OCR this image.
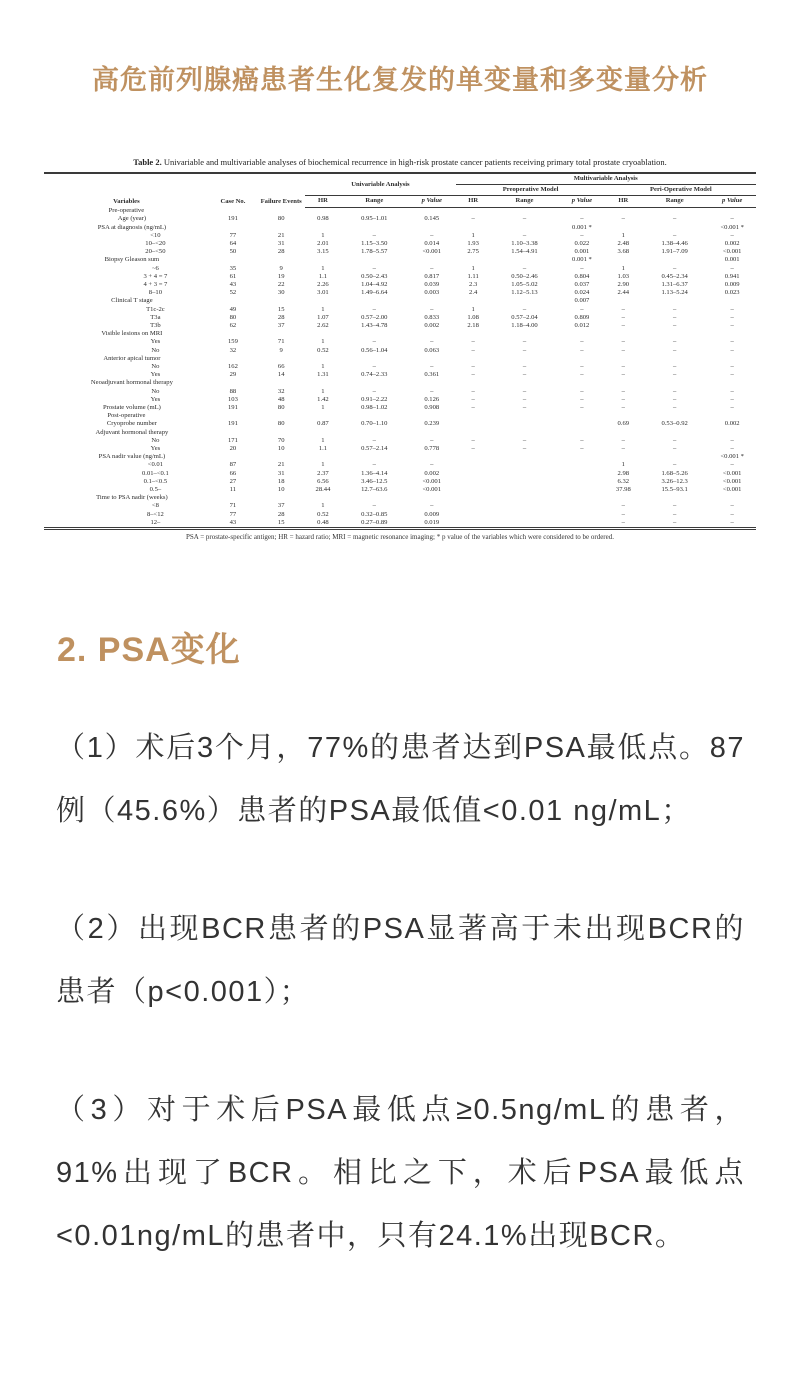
高危前列腺癌患者生化复发的单变量和多变量分析
Table 2. Univariable and multivariable analyses of biochemical recurrence in high-risk prostate cancer patients receiving primary total prostate cryoablation.
Variables	Case No.	Failure Events	Univariable Analysis			Multivariable Analysis					
						Preoperative Model			Peri-Operative Model		
			HR	Range	p Value	HR	Range	p Value	HR	Range	p Value
Pre-operative											
Age (year)	191	80	0.98	0.95–1.01	0.145	–	–	–	–	–	–
PSA at diagnosis (ng/mL)								0.001 *			<0.001 *
<10	77	21	1	–	–	1	–	–	1	–	–
10–<20	64	31	2.01	1.15–3.50	0.014	1.93	1.10–3.38	0.022	2.48	1.38–4.46	0.002
20–<50	50	28	3.15	1.78–5.57	<0.001	2.75	1.54–4.91	0.001	3.68	1.91–7.09	<0.001
Biopsy Gleason sum								0.001 *			0.001
~6	35	9	1	–	–	1	–	–	1	–	–
3 + 4 = 7	61	19	1.1	0.50–2.43	0.817	1.11	0.50–2.46	0.804	1.03	0.45–2.34	0.941
4 + 3 = 7	43	22	2.26	1.04–4.92	0.039	2.3	1.05–5.02	0.037	2.90	1.31–6.37	0.009
8–10	52	30	3.01	1.49–6.64	0.003	2.4	1.12–5.13	0.024	2.44	1.13–5.24	0.023
Clinical T stage								0.007			
T1c-2c	49	15	1	–	–	1	–	–	–	–	–
T3a	80	28	1.07	0.57–2.00	0.833	1.08	0.57–2.04	0.809	–	–	–
T3b	62	37	2.62	1.43–4.78	0.002	2.18	1.18–4.00	0.012	–	–	–
Visible lesions on MRI											
Yes	159	71	1	–	–	–	–	–	–	–	–
No	32	9	0.52	0.56–1.04	0.063	–	–	–	–	–	–
Anterior apical tumor											
No	162	66	1	–	–	–	–	–	–	–	–
Yes	29	14	1.31	0.74–2.33	0.361	–	–	–	–	–	–
Neoadjuvant hormonal therapy											
No	88	32	1	–	–	–	–	–	–	–	–
Yes	103	48	1.42	0.91–2.22	0.126	–	–	–	–	–	–
Prostate volume (mL)	191	80	1	0.98–1.02	0.908	–	–	–	–	–	–
Post-operative											
Cryoprobe number	191	80	0.87	0.70–1.10	0.239				0.69	0.53–0.92	0.002
Adjuvant hormonal therapy											
No	171	70	1	–	–	–	–	–	–	–	–
Yes	20	10	1.1	0.57–2.14	0.778	–	–	–	–	–	–
PSA nadir value (ng/mL)											<0.001 *
<0.01	87	21	1	–	–				1	–	–
0.01–<0.1	66	31	2.37	1.36–4.14	0.002				2.98	1.68–5.26	<0.001
0.1–<0.5	27	18	6.56	3.46–12.5	<0.001				6.32	3.26–12.3	<0.001
0.5–	11	10	28.44	12.7–63.6	<0.001				37.98	15.5–93.1	<0.001
Time to PSA nadir (weeks)											
<8	71	37	1	–	–				–	–	–
8–<12	77	28	0.52	0.32–0.85	0.009				–	–	–
12–	43	15	0.48	0.27–0.89	0.019				–	–	–
PSA = prostate-specific antigen; HR = hazard ratio; MRI = magnetic resonance imaging; * p value of the variables which were considered to be ordered.
2. PSA变化

（1）术后3个月，77%的患者达到PSA最低点。87例（45.6%）患者的PSA最低值<0.01 ng/mL；

（2）出现BCR患者的PSA显著高于未出现BCR的患者（p<0.001）；

（3）对于术后PSA最低点≥0.5ng/mL的患者，91%出现了BCR。相比之下，术后PSA最低点<0.01ng/mL的患者中，只有24.1%出现BCR。
